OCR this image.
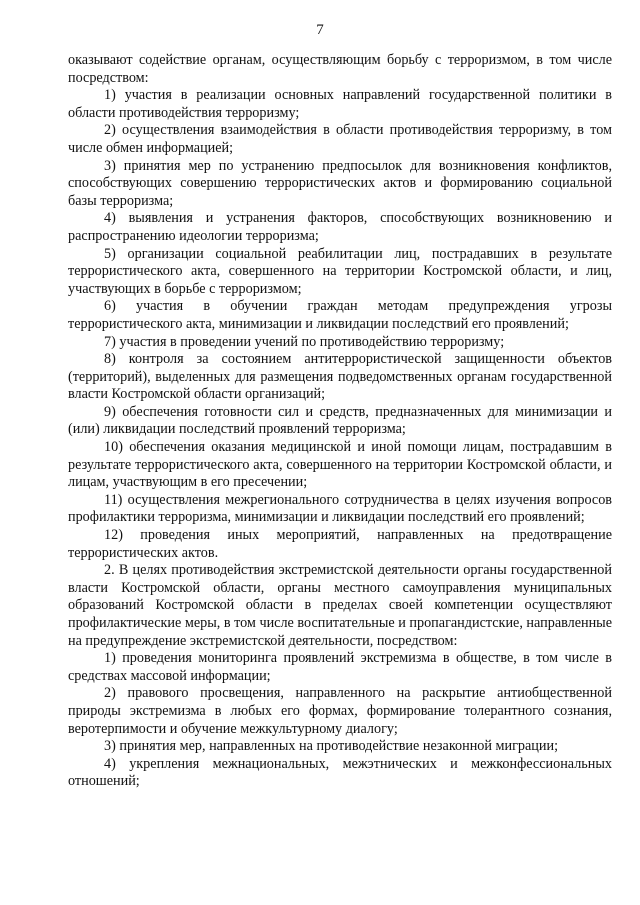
7

оказывают содействие органам, осуществляющим борьбу с терроризмом, в том числе посредством:

1) участия в реализации основных направлений государственной политики в области противодействия терроризму;

2) осуществления взаимодействия в области противодействия терроризму, в том числе обмен информацией;

3) принятия мер по устранению предпосылок для возникновения конфликтов, способствующих совершению террористических актов и формированию социальной базы терроризма;

4) выявления и устранения факторов, способствующих возникновению и распространению идеологии терроризма;

5) организации социальной реабилитации лиц, пострадавших в результате террористического акта, совершенного на территории Костромской области, и лиц, участвующих в борьбе с терроризмом;

6) участия в обучении граждан методам предупреждения угрозы террористического акта, минимизации и ликвидации последствий его проявлений;

7) участия в проведении учений по противодействию терроризму;

8) контроля за состоянием антитеррористической защищенности объектов (территорий), выделенных для размещения подведомственных органам государственной власти Костромской области организаций;

9) обеспечения готовности сил и средств, предназначенных для минимизации и (или) ликвидации последствий проявлений терроризма;

10) обеспечения оказания медицинской и иной помощи лицам, пострадавшим в результате террористического акта, совершенного на территории Костромской области, и лицам, участвующим в его пресечении;

11) осуществления межрегионального сотрудничества в целях изучения вопросов профилактики терроризма, минимизации и ликвидации последствий его проявлений;

12) проведения иных мероприятий, направленных на предотвращение террористических актов.

2. В целях противодействия экстремистской деятельности органы государственной власти Костромской области, органы местного самоуправления муниципальных образований Костромской области в пределах своей компетенции осуществляют профилактические меры, в том числе воспитательные и пропагандистские, направленные на предупреждение экстремистской деятельности, посредством:

1) проведения мониторинга проявлений экстремизма в обществе, в том числе в средствах массовой информации;

2) правового просвещения, направленного на раскрытие антиобщественной природы экстремизма в любых его формах, формирование толерантного сознания, веротерпимости и обучение межкультурному диалогу;

3) принятия мер, направленных на противодействие незаконной миграции;

4) укрепления межнациональных, межэтнических и межконфессиональных отношений;
